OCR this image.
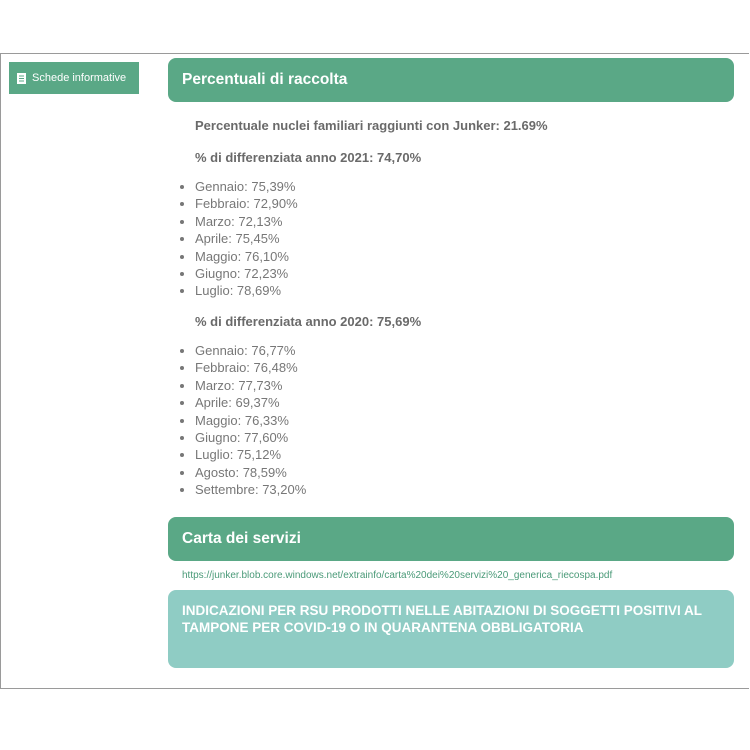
Schede informative	Percentuali di raccolta
Percentuale nuclei familiari raggiunti con Junker: 21.69%
% di differenziata anno 2021: 74,70%
• Gennaio: 75,39%
• Febbraio: 72,90%
• Marzo: 72,13%
• Aprile: 75,45%
• Maggio: 76,10%
• Giugno: 72,23%
• Luglio: 78,69%
% di differenziata anno 2020: 75,69%
• Gennaio: 76,77%
• Febbraio: 76,48%
• Marzo: 77,73%
• Aprile: 69,37%
• Maggio: 76,33%
• Giugno: 77,60%
• Luglio: 75,12%
• Agosto: 78,59%
• Settembre: 73,20%
Carta dei servizi
https://junker.blob.core.windows.net/extrainfo/carta%20dei%20servizi%20_generica_riecospa.pdf
INDICAZIONI PER RSU PRODOTTI NELLE ABITAZIONI DI SOGGETTI POSITIVI AL TAMPONE PER COVID-19 O IN QUARANTENA OBBLIGATORIA
